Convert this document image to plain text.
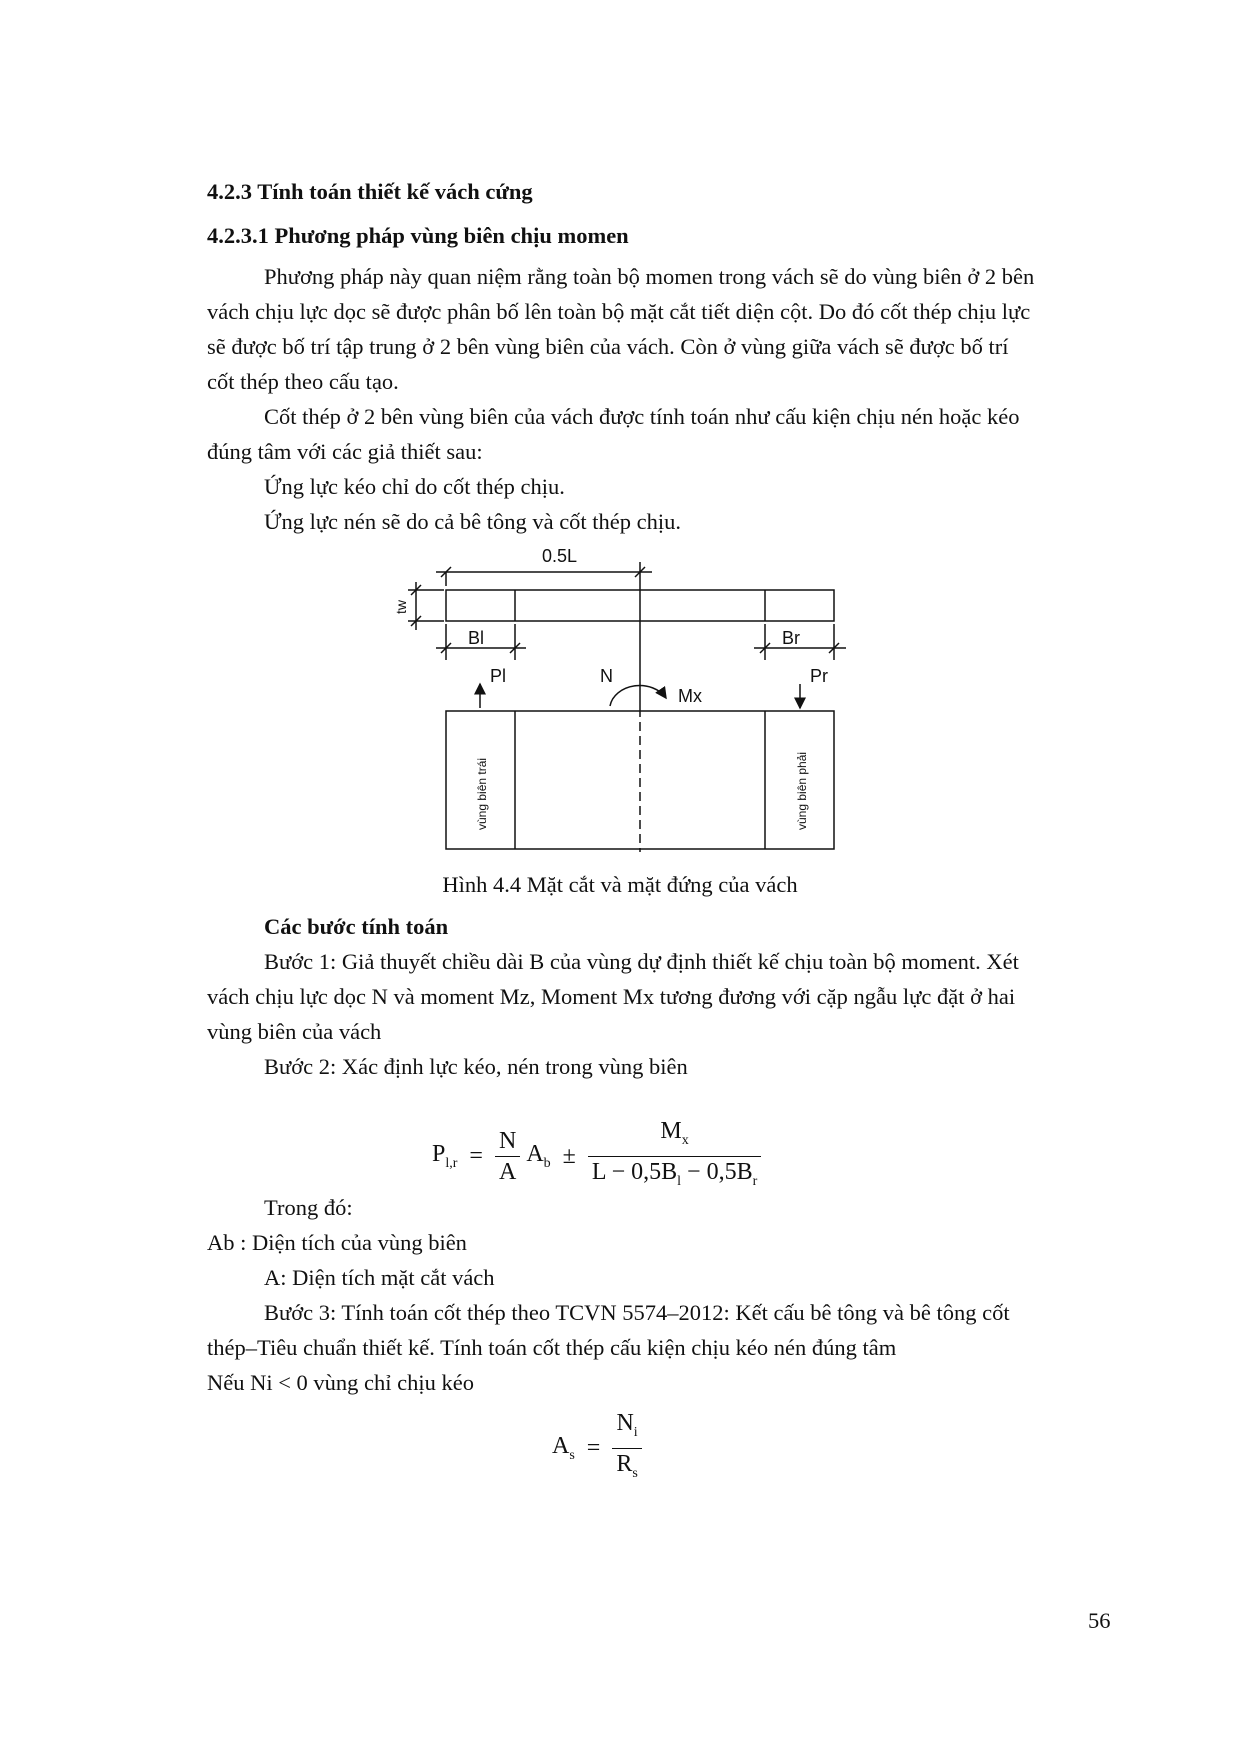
4.2.3 Tính toán thiết kế vách cứng
4.2.3.1 Phương pháp vùng biên chịu momen
Phương pháp này quan niệm rằng toàn bộ momen trong vách sẽ do vùng biên ở 2 bên
vách chịu lực dọc sẽ được phân bố lên toàn bộ mặt cắt tiết diện cột. Do đó cốt thép chịu lực
sẽ được bố trí tập trung ở 2 bên vùng biên của vách. Còn ở vùng giữa vách sẽ được bố trí
cốt thép theo cấu tạo.
Cốt thép ở 2 bên vùng biên của vách được tính toán như cấu kiện chịu nén hoặc kéo
đúng tâm với các giả thiết sau:
Ứng lực kéo chỉ do cốt thép chịu.
Ứng lực nén sẽ do cả bê tông và cốt thép chịu.
0.5L
tw
Bl	Br
Pl	N
Mx
Pr
vùng biên trái	vùng biên phải
Hình 4.4 Mặt cắt và mặt đứng của vách
Các bước tính toán
Bước 1: Giả thuyết chiều dài B của vùng dự định thiết kế chịu toàn bộ moment. Xét
vách chịu lực dọc N và moment Mz, Moment Mx tương đương với cặp ngẫu lực đặt ở hai
vùng biên của vách
Bước 2: Xác định lực kéo, nén trong vùng biên
$P_{l,r} = \frac{N}{A} A_b \pm \frac{M_x}{L - 0,5B_l - 0,5B_r}$
Trong đó:
Ab : Diện tích của vùng biên
A: Diện tích mặt cắt vách
Bước 3: Tính toán cốt thép theo TCVN 5574–2012: Kết cấu bê tông và bê tông cốt
thép–Tiêu chuẩn thiết kế. Tính toán cốt thép cấu kiện chịu kéo nén đúng tâm
Nếu Ni < 0 vùng chỉ chịu kéo
$A_s = \frac{N_i}{R_s}$
56
